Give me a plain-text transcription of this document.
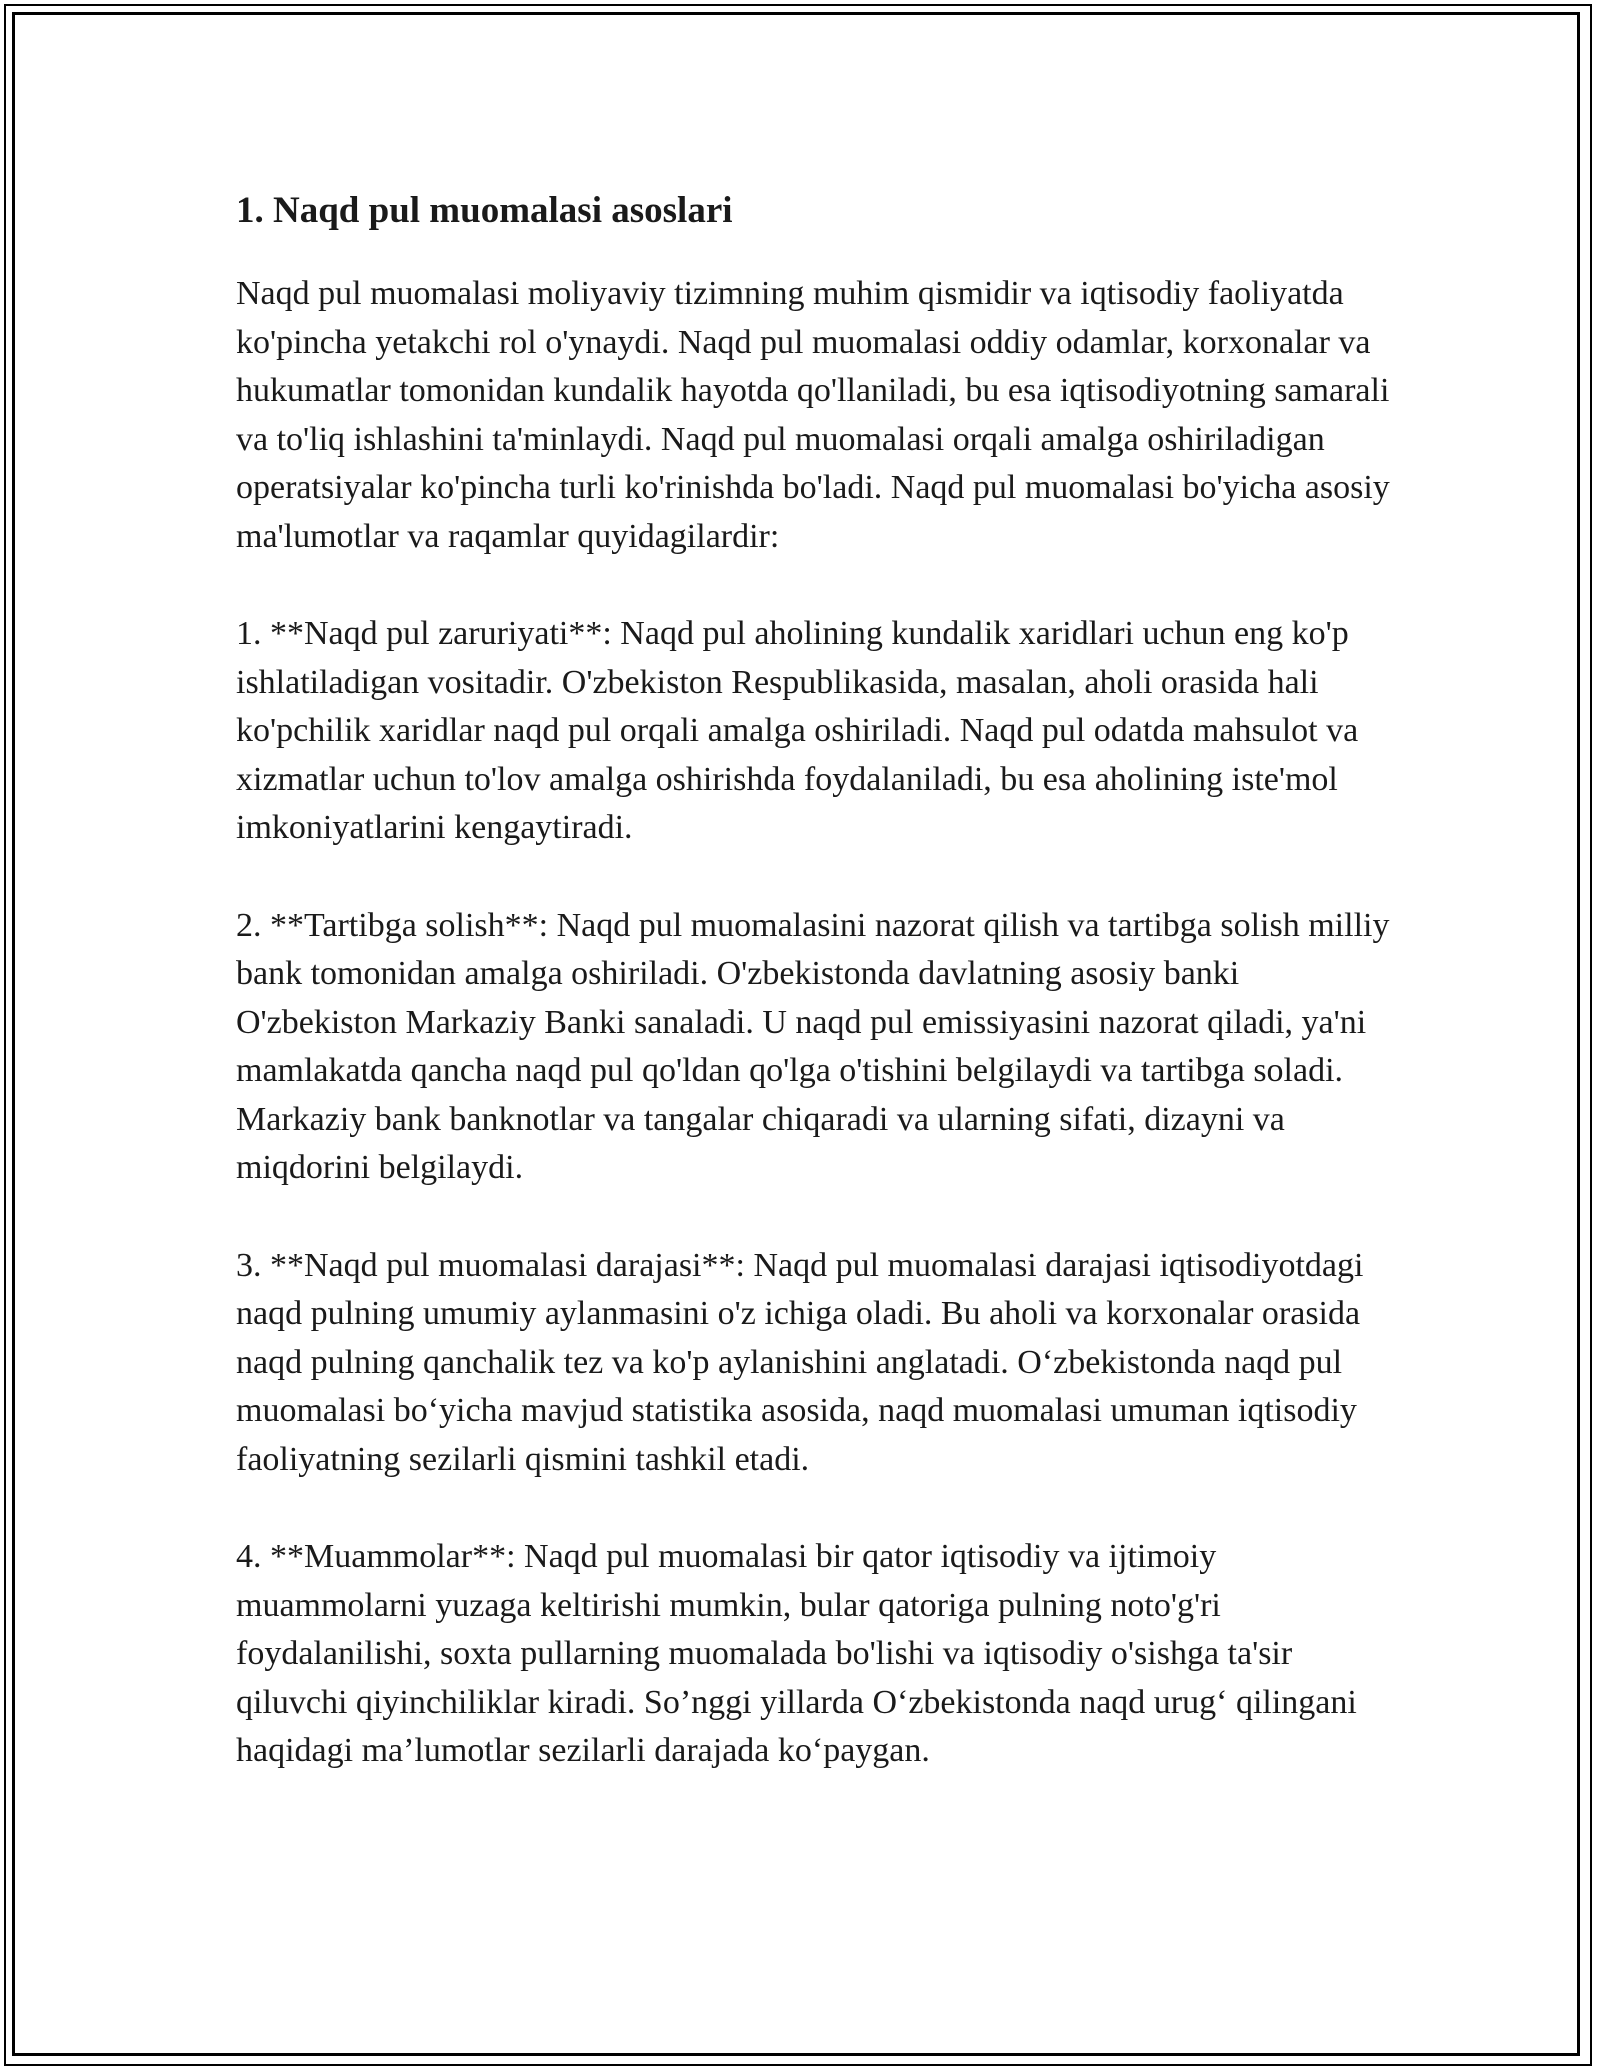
1. Naqd pul muomalasi asoslari

Naqd pul muomalasi moliyaviy tizimning muhim qismidir va iqtisodiy faoliyatda ko'pincha yetakchi rol o'ynaydi. Naqd pul muomalasi oddiy odamlar, korxonalar va hukumatlar tomonidan kundalik hayotda qo'llaniladi, bu esa iqtisodiyotning samarali va to'liq ishlashini ta'minlaydi. Naqd pul muomalasi orqali amalga oshiriladigan operatsiyalar ko'pincha turli ko'rinishda bo'ladi. Naqd pul muomalasi bo'yicha asosiy ma'lumotlar va raqamlar quyidagilardir:

1. **Naqd pul zaruriyati**: Naqd pul aholining kundalik xaridlari uchun eng ko'p ishlatiladigan vositadir. O'zbekiston Respublikasida, masalan, aholi orasida hali ko'pchilik xaridlar naqd pul orqali amalga oshiriladi. Naqd pul odatda mahsulot va xizmatlar uchun to'lov amalga oshirishda foydalaniladi, bu esa aholining iste'mol imkoniyatlarini kengaytiradi.

2. **Tartibga solish**: Naqd pul muomalasini nazorat qilish va tartibga solish milliy bank tomonidan amalga oshiriladi. O'zbekistonda davlatning asosiy banki O'zbekiston Markaziy Banki sanaladi. U naqd pul emissiyasini nazorat qiladi, ya'ni mamlakatda qancha naqd pul qo'ldan qo'lga o'tishini belgilaydi va tartibga soladi. Markaziy bank banknotlar va tangalar chiqaradi va ularning sifati, dizayni va miqdorini belgilaydi.

3. **Naqd pul muomalasi darajasi**: Naqd pul muomalasi darajasi iqtisodiyotdagi naqd pulning umumiy aylanmasini o'z ichiga oladi. Bu aholi va korxonalar orasida naqd pulning qanchalik tez va ko'p aylanishini anglatadi. O‘zbekistonda naqd pul muomalasi bo‘yicha mavjud statistika asosida, naqd muomalasi umuman iqtisodiy faoliyatning sezilarli qismini tashkil etadi.

4. **Muammolar**: Naqd pul muomalasi bir qator iqtisodiy va ijtimoiy muammolarni yuzaga keltirishi mumkin, bular qatoriga pulning noto'g'ri foydalanilishi, soxta pullarning muomalada bo'lishi va iqtisodiy o'sishga ta'sir qiluvchi qiyinchiliklar kiradi. So’nggi yillarda O‘zbekistonda naqd urug‘ qilingani haqidagi ma’lumotlar sezilarli darajada ko‘paygan.
